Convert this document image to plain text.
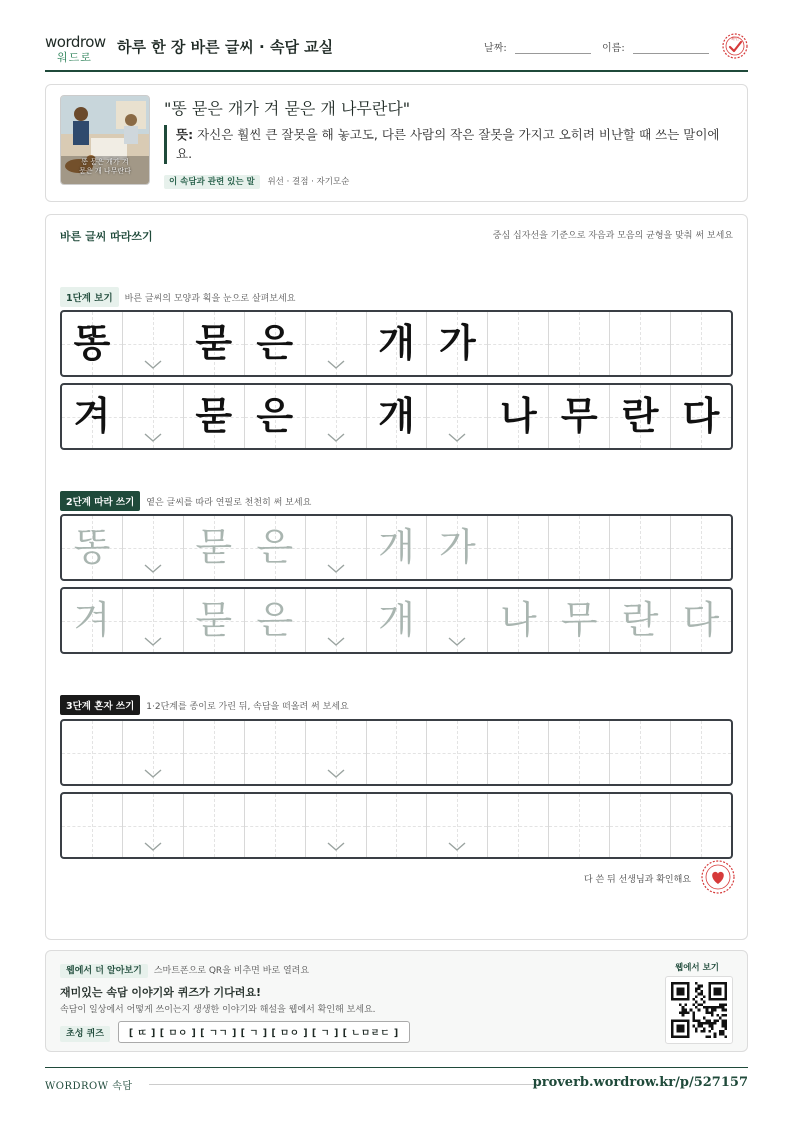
wordrow
워드로
하루 한 장 바른 글씨 · 속담 교실	날짜:	이름:
확인
똥 묻은 개가 겨
묻은 개 나무란다
"똥 묻은 개가 겨 묻은 개 나무란다"
뜻: 자신은 훨씬 큰 잘못을 해 놓고도, 다른 사람의 작은 잘못을 가지고 오히려 비난할 때 쓰는 말이에요.
이 속담과 관련 있는 말 위선 · 결점 · 자기모순
바른 글씨 따라쓰기	중심 십자선을 기준으로 자음과 모음의 균형을 맞춰 써 보세요
1단계 보기 바른 글씨의 모양과 획을 눈으로 살펴보세요
똥	묻 은	개 가
겨	묻 은	개	나 무 란 다
2단계 따라 쓰기 옅은 글씨를 따라 연필로 천천히 써 보세요
똥	묻 은	개 가
겨	묻 은	개	나 무 란 다
3단계 혼자 쓰기 1·2단계를 종이로 가린 뒤, 속담을 떠올려 써 보세요
다 쓴 뒤 선생님과 확인해요
웹에서 더 알아보기 스마트폰으로 QR을 비추면 바로 열려요
재미있는 속담 이야기와 퀴즈가 기다려요!
속담이 일상에서 어떻게 쓰이는지 생생한 이야기와 해설을 웹에서 확인해 보세요.
초성 퀴즈	[ ㄸ ] [ ㅁㅇ ] [ ㄱㄱ ] [ ㄱ ] [ ㅁㅇ ] [ ㄱ ] [ ㄴㅁㄹㄷ ]
웹에서 보기
WORDROW 속담	proverb.wordrow.kr/p/527157
